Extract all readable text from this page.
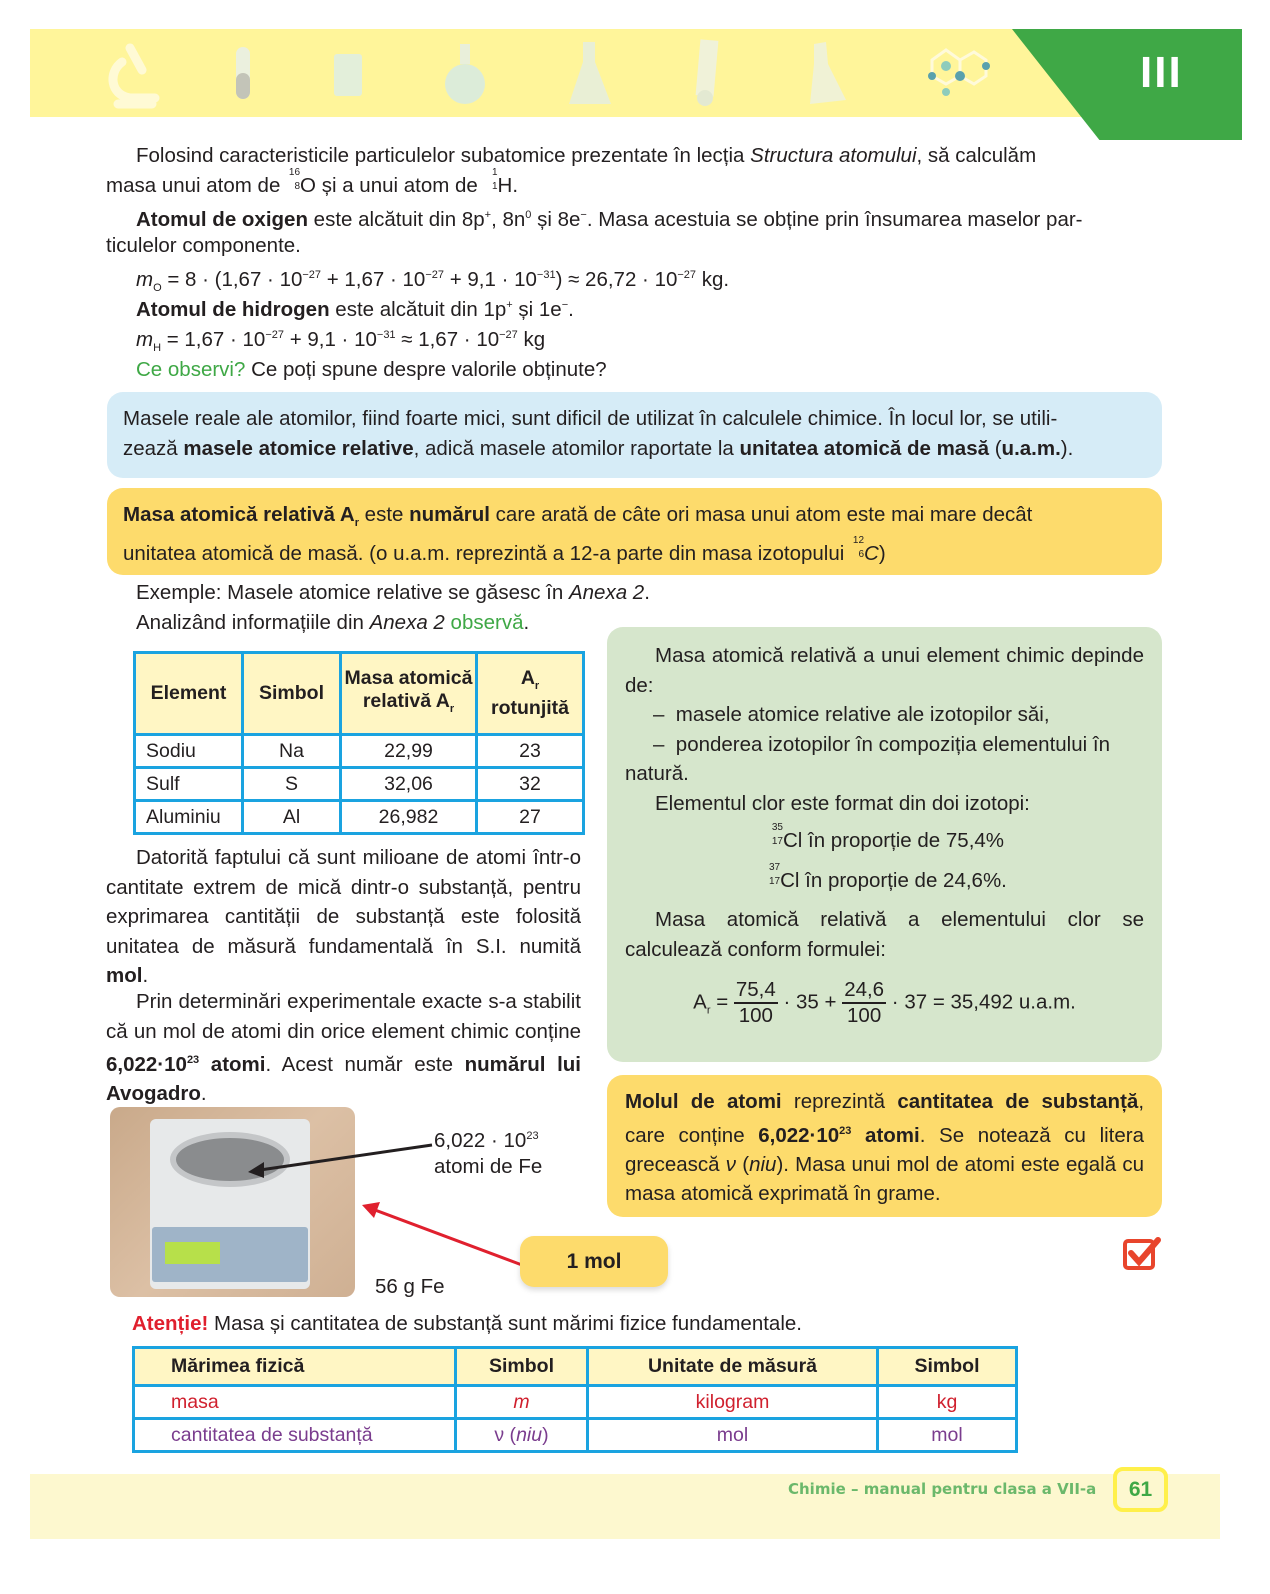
III
Folosind caracteristicile particulelor subatomice prezentate în lecția Structura atomului, să calculăm
masa unui atom de
16
8 O și a unui atom de
1
1 H.
Atomul de oxigen este alcătuit din 8p+, $8n^0$ și 8e−. Masa acestuia se obține prin însumarea maselor par-
ticulelor componente.
$m_O = 8 \cdot (1,67 \cdot 10^{-27} + 1,67 \cdot 10^{-27} + 9,1 \cdot 10^{-31}) \approx 26,72 \cdot 10^{-27}$ kg.
Atomul de hidrogen este alcătuit din 1p+ și 1e−.
$m_H = 1,67 \cdot 10^{-27} + 9,1 \cdot 10^{-31} \approx 1,67 \cdot 10^{-27}$ kg
Ce observi? Ce poți spune despre valorile obținute?
Masele reale ale atomilor, fiind foarte mici, sunt dificil de utilizat în calculele chimice. În locul lor, se utili-
zează masele atomice relative, adică masele atomilor raportate la unitatea atomică de masă (u.a.m.).
Masa atomică relativă $A_r$ este numărul care arată de câte ori masa unui atom este mai mare decât
unitatea atomică de masă. (o u.a.m. reprezintă a 12-a parte din masa izotopului
12
6 C)
Exemple: Masele atomice relative se găsesc în Anexa 2.
Analizând informațiile din Anexa 2 observă.
Element	Simbol	Masa atomică relativă $A_r$	$A_r$
rotunjită
Sodiu	Na	22,99	23
Sulf	S	32,06	32
Aluminiu	Al	26,982	27
Datorită faptului că sunt milioane de atomi într-o cantitate extrem de mică dintr-o substanță, pentru exprimarea cantității de substanță este folosită unitatea de măsură fundamentală în S.I. numită mol.
Prin determinări experimentale exacte s-a stabilit că un mol de atomi din orice element chimic conține $6,022\cdot 10^{23}$ atomi. Acest număr este numărul lui Avogadro.
Masa atomică relativă a unui element chimic depinde de:
–  masele atomice relative ale izotopilor săi,
–  ponderea izotopilor în compoziția elementului în natură.
Elementul clor este format din doi izotopi:
35
17 Cl în proporție de 75,4%
37
17 Cl în proporție de 24,6%.
Masa atomică relativă a elementului clor se calculează conform formulei:
$A_r = \frac{75,4}{100} \cdot 35 + \frac{24,6}{100} \cdot 37 = 35,492$ u.a.m.
Molul de atomi reprezintă cantitatea de substanță, care conține $6,022\cdot 10^{23}$ atomi. Se notează cu litera grecească ν (niu). Masa unui mol de atomi este egală cu masa atomică exprimată în grame.
$6,022 \cdot 10^{23}$
atomi de Fe
56 g Fe
1 mol
Atenție! Masa și cantitatea de substanță sunt mărimi fizice fundamentale.
Mărimea fizică	Simbol	Unitate de măsură	Simbol
masa	m	kilogram	kg
cantitatea de substanță	ν (niu)	mol	mol
Chimie – manual pentru clasa a VII-a	61
